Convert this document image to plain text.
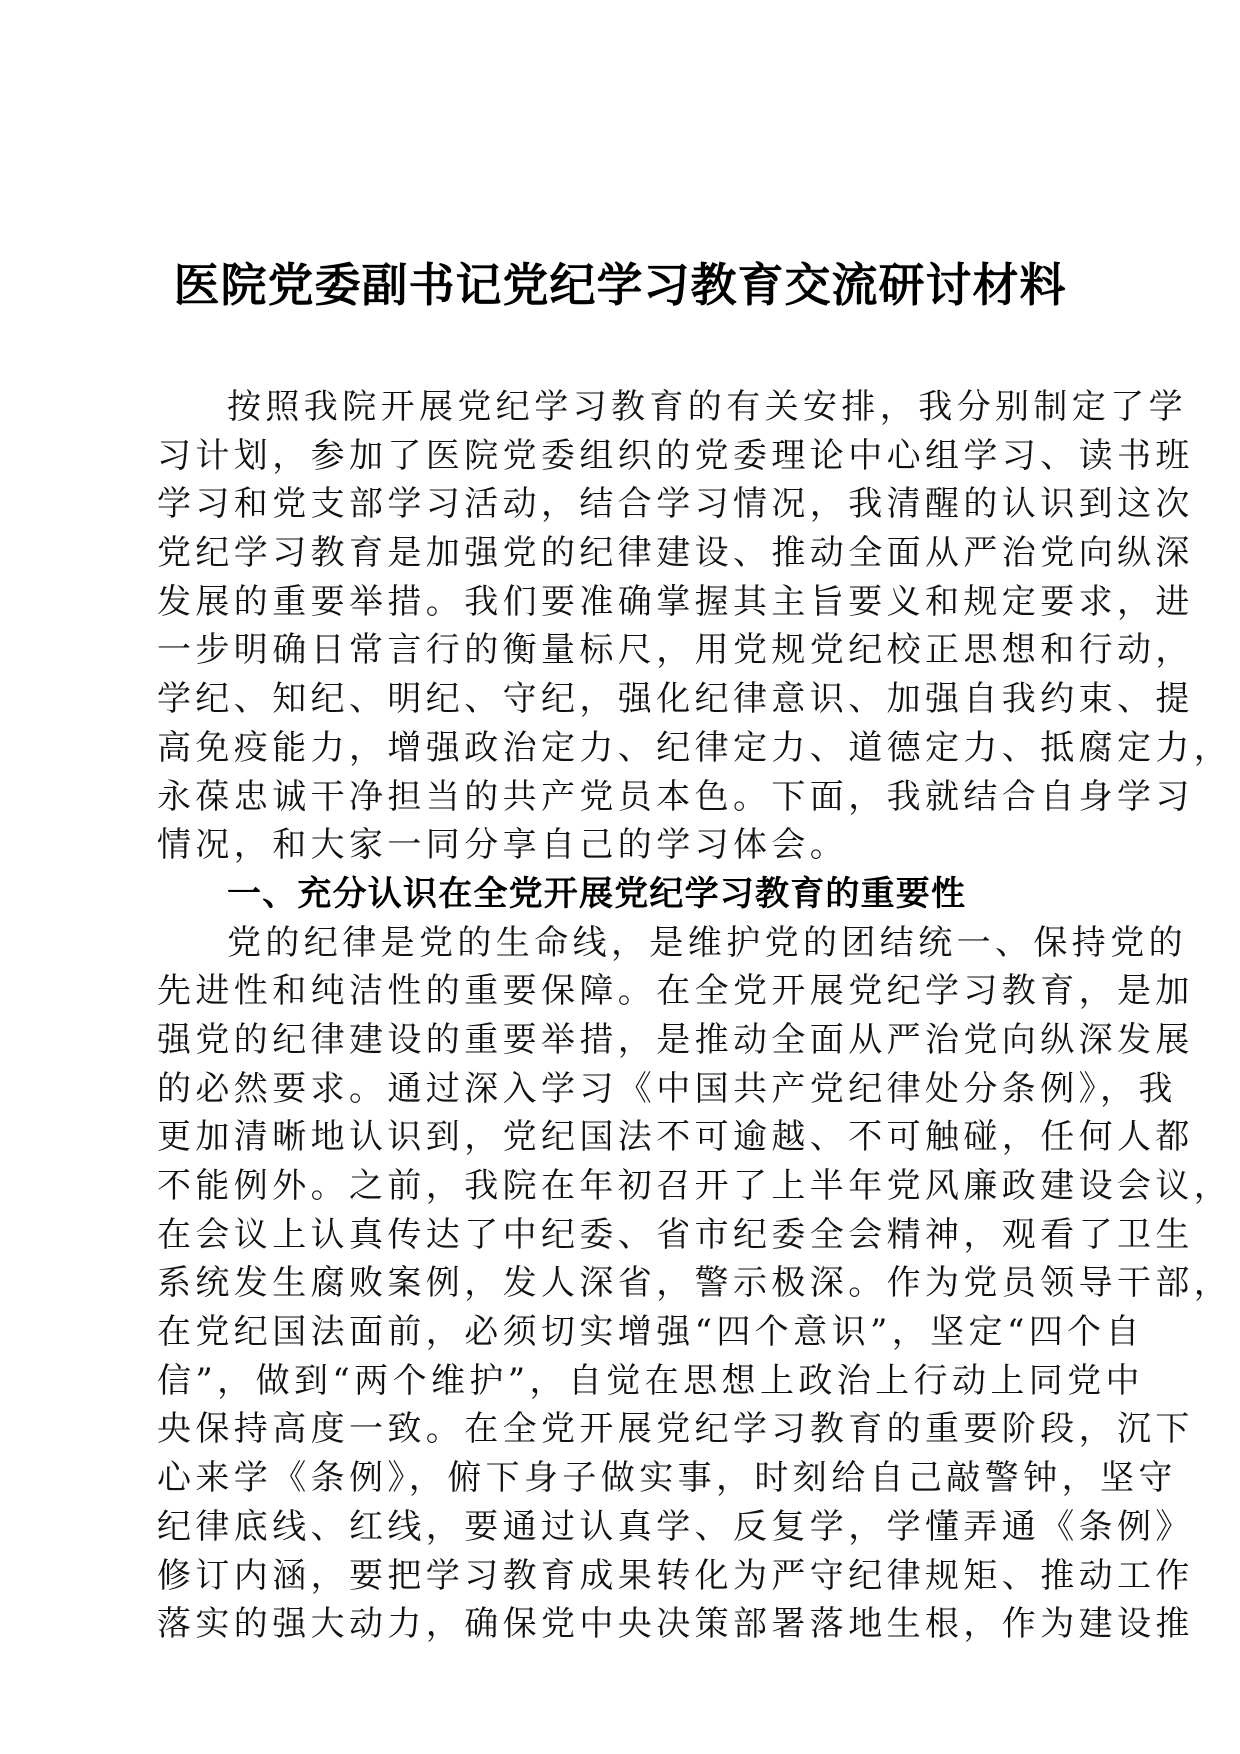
医院党委副书记党纪学习教育交流研讨材料
按照我院开展党纪学习教育的有关安排，我分别制定了学
习计划，参加了医院党委组织的党委理论中心组学习、读书班
学习和党支部学习活动，结合学习情况，我清醒的认识到这次
党纪学习教育是加强党的纪律建设、推动全面从严治党向纵深
发展的重要举措。我们要准确掌握其主旨要义和规定要求，进
一步明确日常言行的衡量标尺，用党规党纪校正思想和行动，
学纪、知纪、明纪、守纪，强化纪律意识、加强自我约束、提
高免疫能力，增强政治定力、纪律定力、道德定力、抵腐定力，
永葆忠诚干净担当的共产党员本色。下面，我就结合自身学习
情况，和大家一同分享自己的学习体会。
一、充分认识在全党开展党纪学习教育的重要性
党的纪律是党的生命线，是维护党的团结统一、保持党的
先进性和纯洁性的重要保障。在全党开展党纪学习教育，是加
强党的纪律建设的重要举措，是推动全面从严治党向纵深发展
的必然要求。通过深入学习《中国共产党纪律处分条例》，我
更加清晰地认识到，党纪国法不可逾越、不可触碰，任何人都
不能例外。之前，我院在年初召开了上半年党风廉政建设会议，
在会议上认真传达了中纪委、省市纪委全会精神，观看了卫生
系统发生腐败案例，发人深省，警示极深。作为党员领导干部，
在党纪国法面前，必须切实增强“四个意识”，坚定“四个自
信”，做到“两个维护”，自觉在思想上政治上行动上同党中
央保持高度一致。在全党开展党纪学习教育的重要阶段，沉下
心来学《条例》，俯下身子做实事，时刻给自己敲警钟，坚守
纪律底线、红线，要通过认真学、反复学，学懂弄通《条例》
修订内涵，要把学习教育成果转化为严守纪律规矩、推动工作
落实的强大动力，确保党中央决策部署落地生根，作为建设推
